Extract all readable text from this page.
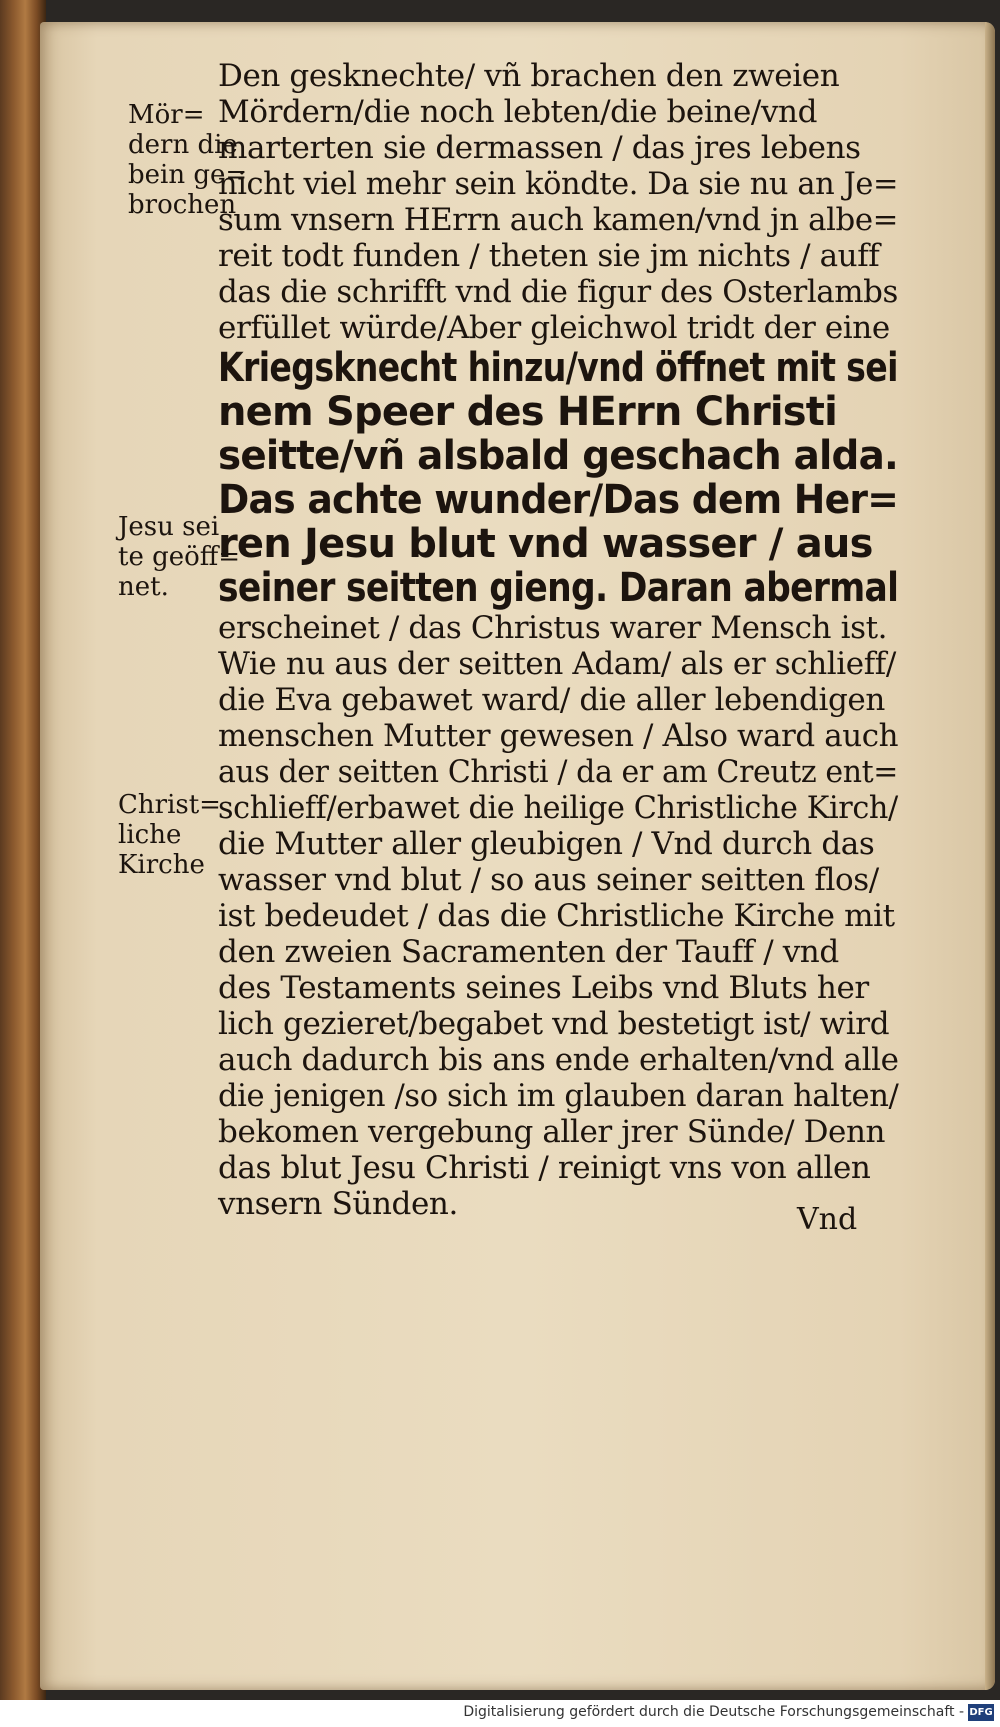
Den gesknechte/ vñ brachen den zweien
Mördern/die noch lebten/die beine/vnd
marterten sie dermassen / das jres lebens
nicht viel mehr sein köndte. Da sie nu an Je=
sum vnsern HErrn auch kamen/vnd jn albe=
reit todt funden / theten sie jm nichts / auff
das die schrifft vnd die figur des Osterlambs
erfüllet würde/Aber gleichwol tridt der eine
Kriegsknecht hinzu/vnd öffnet mit sei
nem Speer des HErrn Christi
seitte/vñ alsbald geschach alda.
Das achte wunder/Das dem Her=
ren Jesu blut vnd wasser / aus
seiner seitten gieng. Daran abermal
erscheinet / das Christus warer Mensch ist.
Wie nu aus der seitten Adam/ als er schlieff/
die Eva gebawet ward/ die aller lebendigen
menschen Mutter gewesen / Also ward auch
aus der seitten Christi / da er am Creutz ent=
schlieff/erbawet die heilige Christliche Kirch/
die Mutter aller gleubigen / Vnd durch das
wasser vnd blut / so aus seiner seitten flos/
ist bedeudet / das die Christliche Kirche mit
den zweien Sacramenten der Tauff / vnd
des Testaments seines Leibs vnd Bluts her
lich gezieret/begabet vnd bestetigt ist/ wird
auch dadurch bis ans ende erhalten/vnd alle
die jenigen /so sich im glauben daran halten/
bekomen vergebung aller jrer Sünde/ Denn
das blut Jesu Christi / reinigt vns von allen
vnsern Sünden.	Vnd
Mör=
dern die
bein ge=
brochen
Jesu sei
te geöff=
net.
Christ=
liche
Kirche
Digitalisierung gefördert durch die Deutsche Forschungsgemeinschaft - DFG
